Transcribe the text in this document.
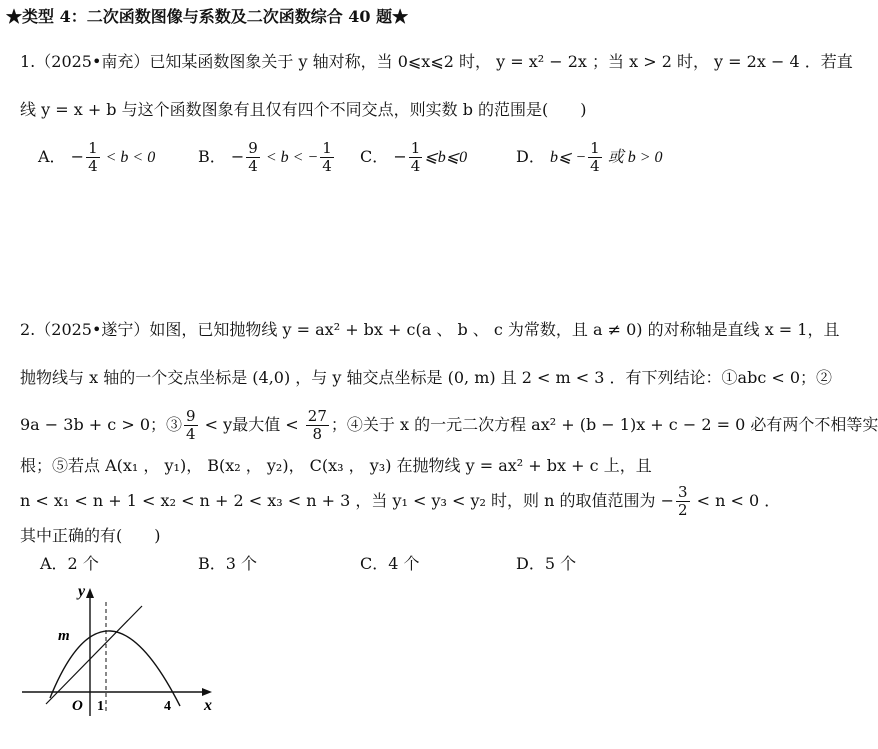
★类型 4：二次函数图像与系数及二次函数综合 40 题★
1.（2025•南充）已知某函数图象关于 y 轴对称，当 0⩽x⩽2 时， y = x² − 2x ；当 x > 2 时， y = 2x − 4 ．若直
线 y = x + b 与这个函数图象有且仅有四个不同交点，则实数 b 的范围是(　　)
A． − $\frac{1}{4} < b < 0$	B． − $\frac{9}{4} < b$ < − $\frac{1}{4}$ C． − $\frac{1}{4}$ ⩽b⩽0	D． b⩽ − $\frac{1}{4}$ 或 b > 0
2.（2025•遂宁）如图，已知抛物线 y = ax² + bx + c(a 、 b 、 c 为常数，且 a ≠ 0) 的对称轴是直线 x = 1，且
抛物线与 x 轴的一个交点坐标是 (4,0) ，与 y 轴交点坐标是 (0, m) 且 2 < m < 3 ．有下列结论：①abc < 0；②
9a − 3b + c > 0；③ $\frac{9}{4} < y$最大值 < $\frac{27}{8}$ ；④关于 x 的一元二次方程 ax² + (b − 1)x + c − 2 = 0 必有两个不相等实
根；⑤若点 A(x₁ ， y₁)， B(x₂ ， y₂)， C(x₃ ， y₃) 在抛物线 y = ax² + bx + c 上，且
n < x₁ < n + 1 < x₂ < n + 2 < x₃ < n + 3 ，当 y₁ < y₃ < y₂ 时，则 n 的取值范围为 − $\frac{3}{2} < n < 0$ ．
其中正确的有(　　)
A．2 个	B．3 个	C．4 个	D．5 个
y
x
O 1	4
m
